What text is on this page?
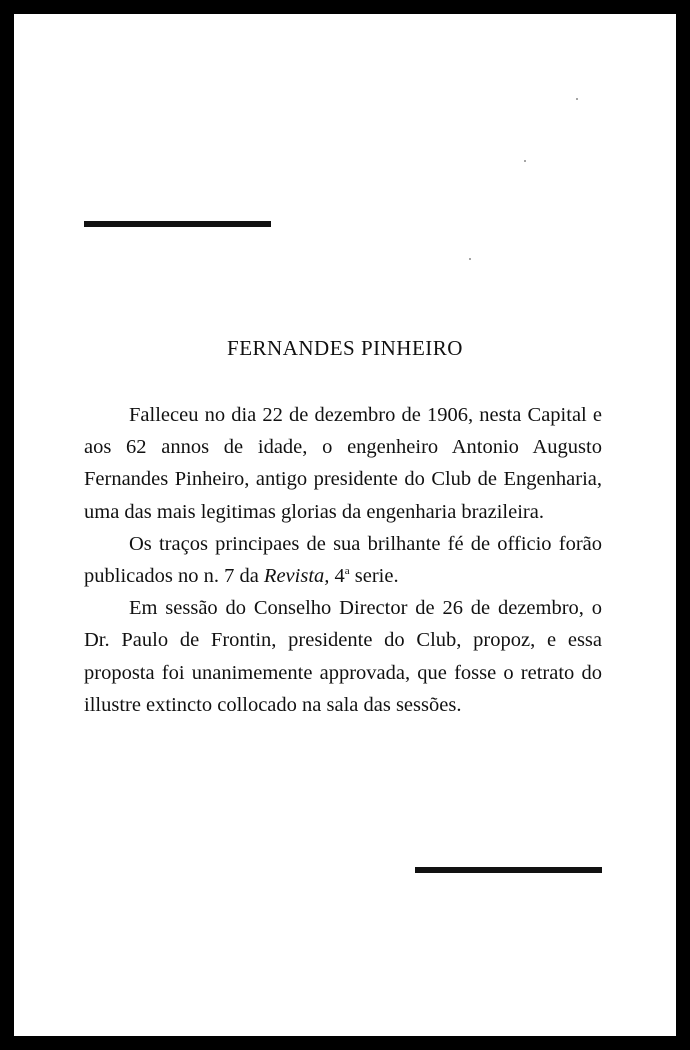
FERNANDES PINHEIRO

Falleceu no dia 22 de dezembro de 1906, nesta Capital e aos 62 annos de idade, o engenheiro Antonio Augusto Fernandes Pinheiro, antigo presidente do Club de Engenharia, uma das mais legitimas glorias da engenharia brazileira.

Os traços principaes de sua brilhante fé de officio forão publicados no n. 7 da Revista, 4$^a$ serie.

Em sessão do Conselho Director de 26 de dezembro, o Dr. Paulo de Frontin, presidente do Club, propoz, e essa proposta foi unanimemente approvada, que fosse o retrato do illustre extincto collocado na sala das sessões.
